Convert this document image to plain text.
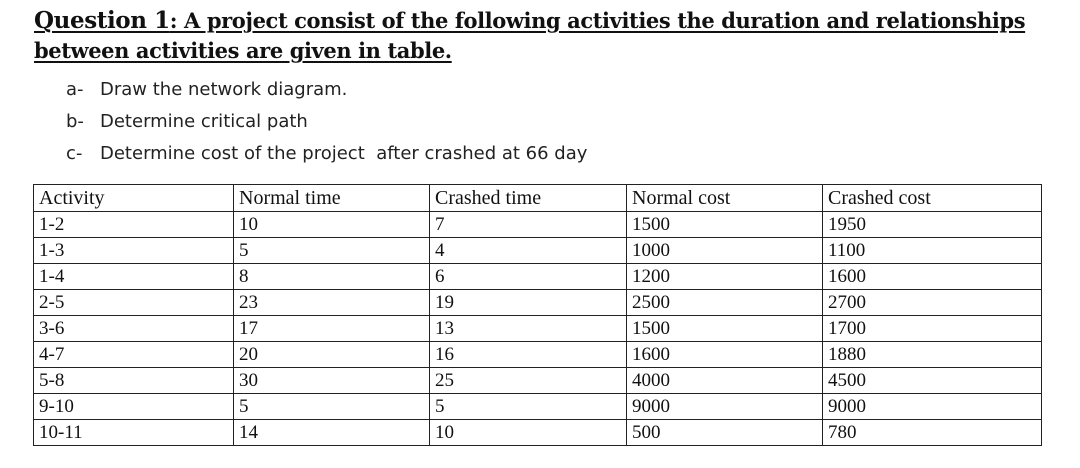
Question 1: A project consist of the following activities the duration and relationships
between activities are given in table.
a- Draw the network diagram.
b- Determine critical path
c- Determine cost of the project  after crashed at 66 day
Activity	Normal time	Crashed time	Normal cost	Crashed cost
1-2	10	7	1500	1950
1-3	5	4	1000	1100
1-4	8	6	1200	1600
2-5	23	19	2500	2700
3-6	17	13	1500	1700
4-7	20	16	1600	1880
5-8	30	25	4000	4500
9-10	5	5	9000	9000
10-11	14	10	500	780
